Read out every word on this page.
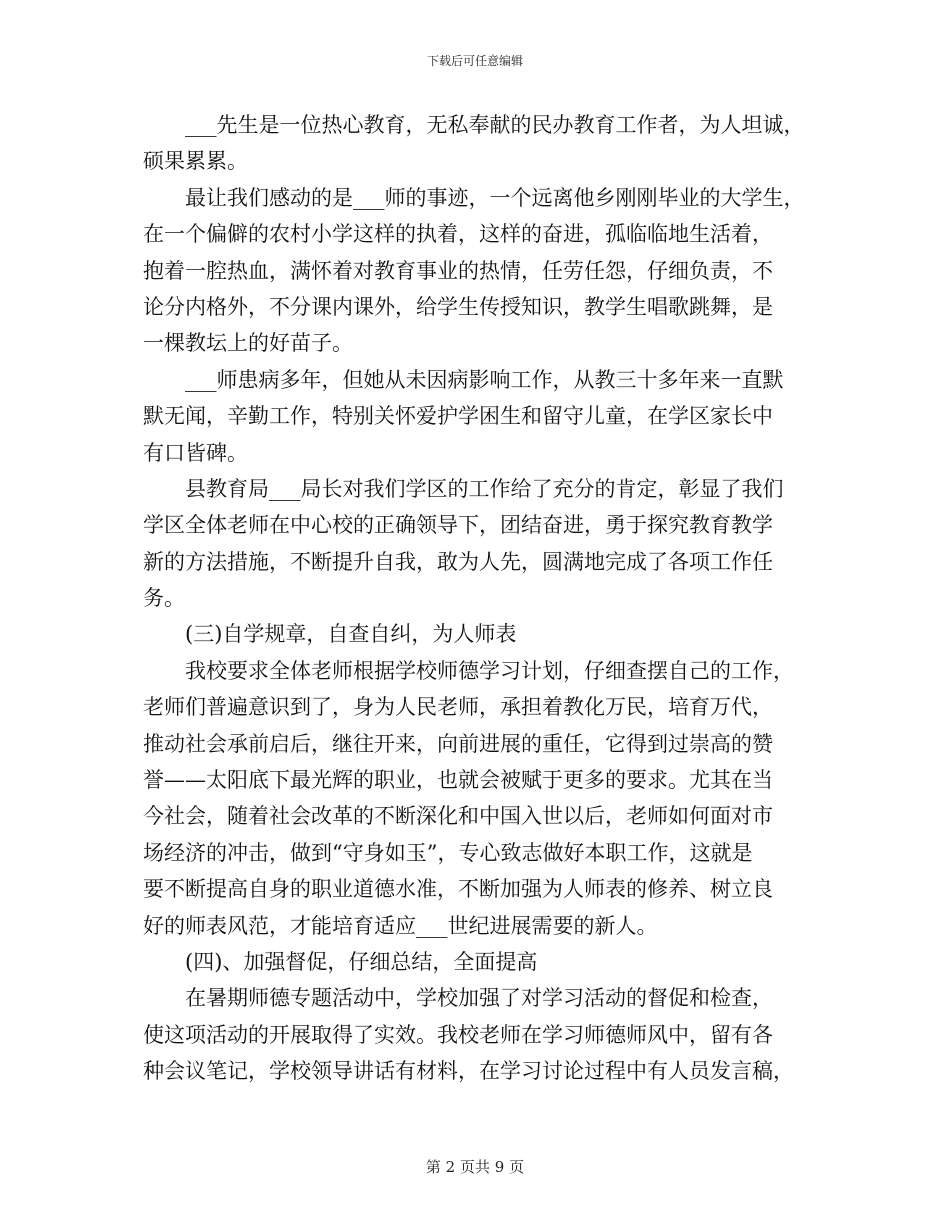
下载后可任意编辑
　　___先生是一位热心教育，无私奉献的民办教育工作者，为人坦诚，
硕果累累。
　　最让我们感动的是___师的事迹，一个远离他乡刚刚毕业的大学生，
在一个偏僻的农村小学这样的执着，这样的奋进，孤临临地生活着，
抱着一腔热血，满怀着对教育事业的热情，任劳任怨，仔细负责，不
论分内格外，不分课内课外，给学生传授知识，教学生唱歌跳舞，是
一棵教坛上的好苗子。
　　___师患病多年，但她从未因病影响工作，从教三十多年来一直默
默无闻，辛勤工作，特别关怀爱护学困生和留守儿童，在学区家长中
有口皆碑。
　　县教育局___局长对我们学区的工作给了充分的肯定，彰显了我们
学区全体老师在中心校的正确领导下，团结奋进，勇于探究教育教学
新的方法措施，不断提升自我，敢为人先，圆满地完成了各项工作任
务。
　　(三)自学规章，自查自纠，为人师表
　　我校要求全体老师根据学校师德学习计划，仔细查摆自己的工作，
老师们普遍意识到了，身为人民老师，承担着教化万民，培育万代，
推动社会承前启后，继往开来，向前进展的重任，它得到过崇高的赞
誉——太阳底下最光辉的职业，也就会被赋于更多的要求。尤其在当
今社会，随着社会改革的不断深化和中国入世以后，老师如何面对市
场经济的冲击，做到“守身如玉”，专心致志做好本职工作，这就是
要不断提高自身的职业道德水准，不断加强为人师表的修养、树立良
好的师表风范，才能培育适应___世纪进展需要的新人。
　　(四)、加强督促，仔细总结，全面提高
　　在暑期师德专题活动中，学校加强了对学习活动的督促和检查，
使这项活动的开展取得了实效。我校老师在学习师德师风中，留有各
种会议笔记，学校领导讲话有材料，在学习讨论过程中有人员发言稿，
第 2 页共 9 页
